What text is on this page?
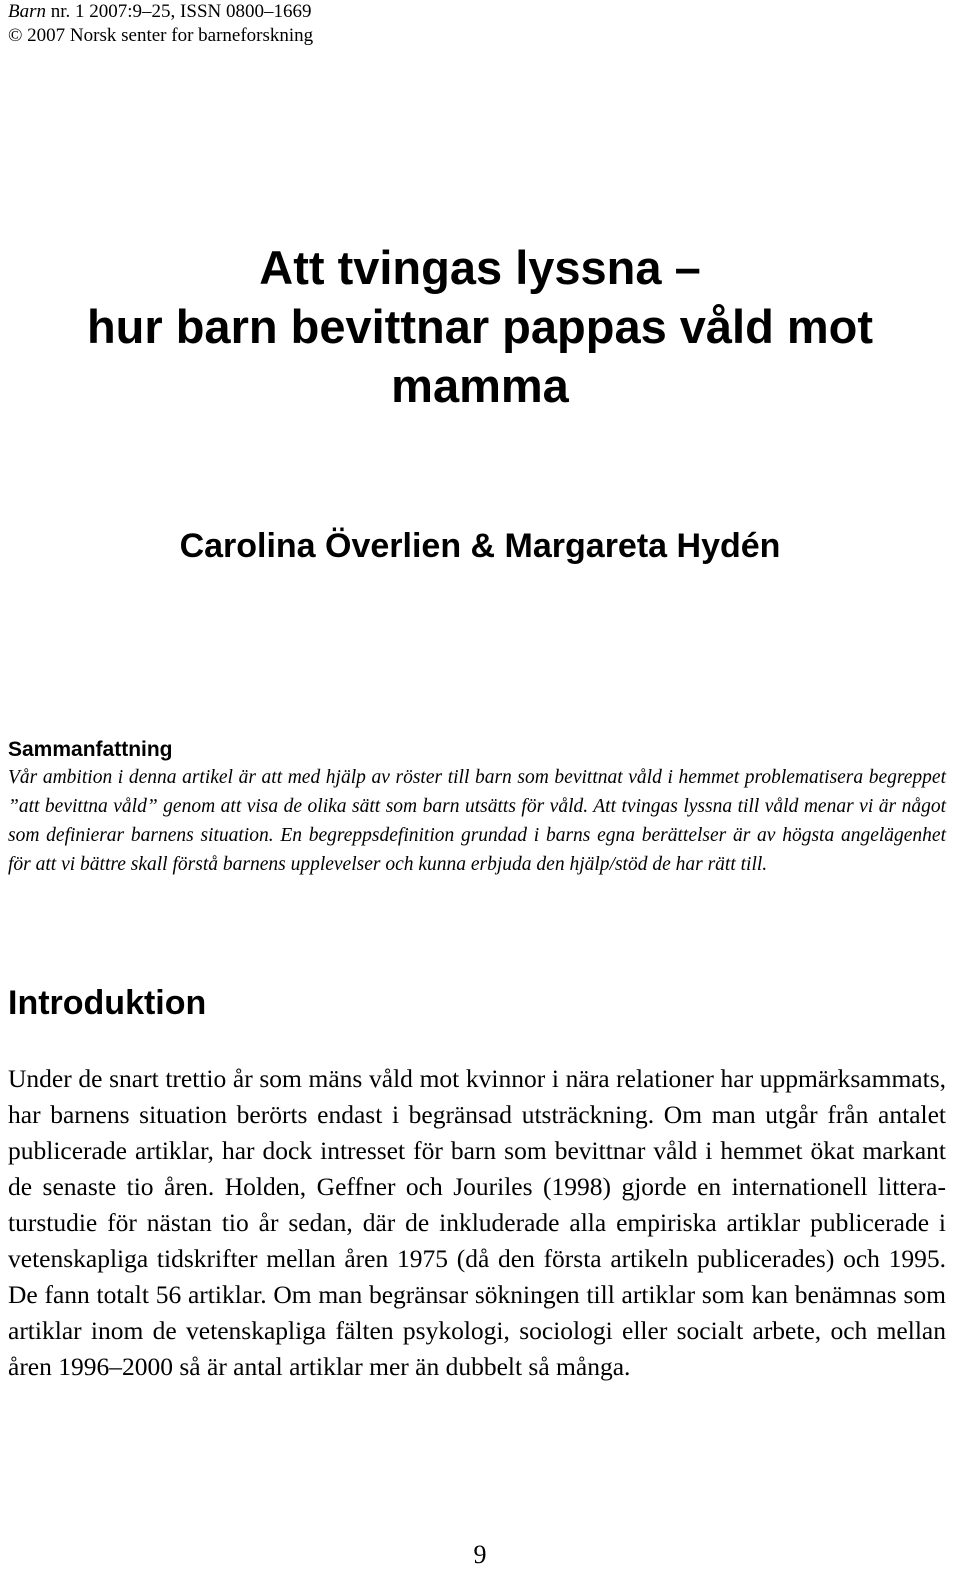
Barn nr. 1 2007:9–25, ISSN 0800–1669
© 2007 Norsk senter for barneforskning
Att tvingas lyssna –
hur barn bevittnar pappas våld mot
mamma
Carolina Överlien & Margareta Hydén
Sammanfattning

Vår ambition i denna artikel är att med hjälp av röster till barn som bevittnat våld i hemmet problematisera begreppet ”att bevittna våld” genom att visa de olika sätt som barn utsätts för våld. Att tvingas lyssna till våld menar vi är något som definierar barnens situation. En begreppsdefinition grundad i barns egna berättelser är av högsta angelägenhet för att vi bättre skall förstå barnens upplevelser och kunna erbjuda den hjälp/stöd de har rätt till.

Introduktion

Under de snart trettio år som mäns våld mot kvinnor i nära relationer har uppmärksammats, har barnens situation berörts endast i begränsad utsträckning. Om man utgår från antalet publicerade artiklar, har dock intresset för barn som bevittnar våld i hemmet ökat markant de senaste tio åren. Holden, Geffner och Jouriles (1998) gjorde en internationell litteraturstudie för nästan tio år sedan, där de inkluderade alla empiriska artiklar publicerade i vetenskapliga tidskrifter mellan åren 1975 (då den första artikeln publicerades) och 1995. De fann totalt 56 artiklar. Om man begränsar sökningen till artiklar som kan benämnas som artiklar inom de vetenskapliga fälten psykologi, sociologi eller socialt arbete, och mellan åren 1996–2000 så är antal artiklar mer än dubbelt så många.

9
